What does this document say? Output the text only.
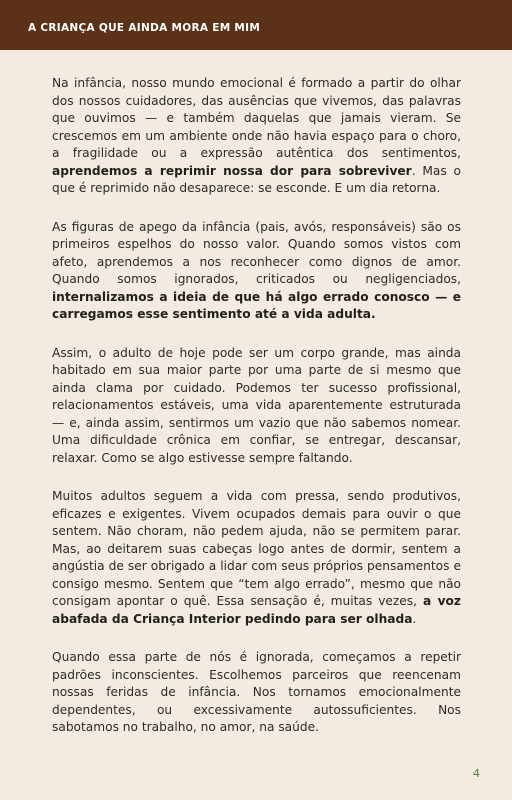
A CRIANÇA QUE AINDA MORA EM MIM

Na infância, nosso mundo emocional é formado a partir do olhar dos nossos cuidadores, das ausências que vivemos, das palavras que ouvimos — e também daquelas que jamais vieram. Se crescemos em um ambiente onde não havia espaço para o choro, a fragilidade ou a expressão autêntica dos sentimentos, aprendemos a reprimir nossa dor para sobreviver. Mas o que é reprimido não desaparece: se esconde. E um dia retorna.

As figuras de apego da infância (pais, avós, responsáveis) são os primeiros espelhos do nosso valor. Quando somos vistos com afeto, aprendemos a nos reconhecer como dignos de amor. Quando somos ignorados, criticados ou negligenciados, internalizamos a ideia de que há algo errado conosco — e carregamos esse sentimento até a vida adulta.

Assim, o adulto de hoje pode ser um corpo grande, mas ainda habitado em sua maior parte por uma parte de si mesmo que ainda clama por cuidado. Podemos ter sucesso profissional, relacionamentos estáveis, uma vida aparentemente estruturada — e, ainda assim, sentirmos um vazio que não sabemos nomear. Uma dificuldade crônica em confiar, se entregar, descansar, relaxar. Como se algo estivesse sempre faltando.

Muitos adultos seguem a vida com pressa, sendo produtivos, eficazes e exigentes. Vivem ocupados demais para ouvir o que sentem. Não choram, não pedem ajuda, não se permitem parar. Mas, ao deitarem suas cabeças logo antes de dormir, sentem a angústia de ser obrigado a lidar com seus próprios pensamentos e consigo mesmo. Sentem que “tem algo errado”, mesmo que não consigam apontar o quê. Essa sensação é, muitas vezes, a voz abafada da Criança Interior pedindo para ser olhada.

Quando essa parte de nós é ignorada, começamos a repetir padrões inconscientes. Escolhemos parceiros que reencenam nossas feridas de infância. Nos tornamos emocionalmente dependentes, ou excessivamente autossuficientes. Nos sabotamos no trabalho, no amor, na saúde.

4
